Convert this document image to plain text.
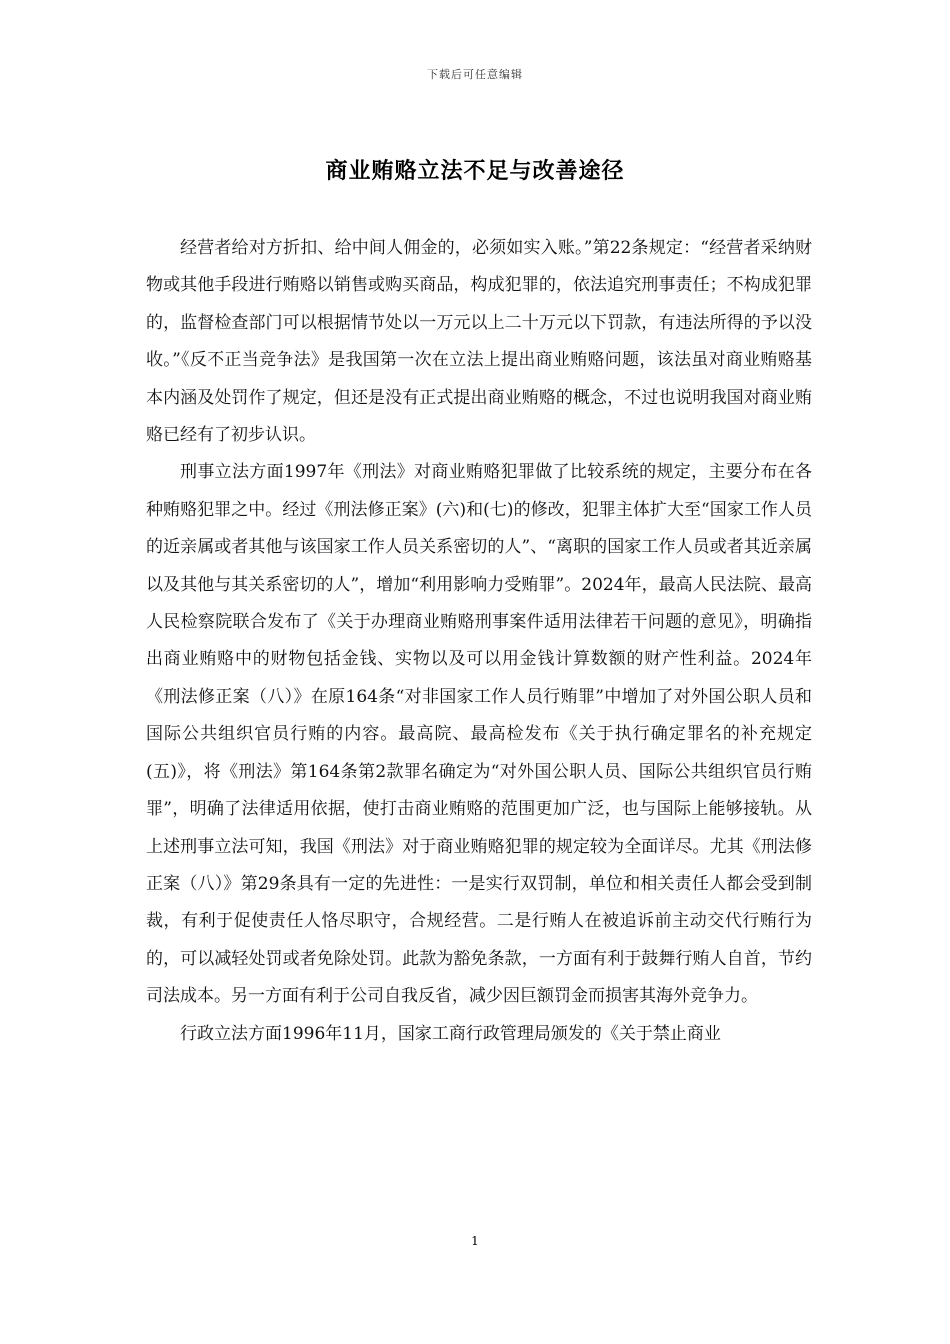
下载后可任意编辑
商业贿赂立法不足与改善途径

经营者给对方折扣、给中间人佣金的，必须如实入账。”第22条规定：“经营者采纳财物或其他手段进行贿赂以销售或购买商品，构成犯罪的，依法追究刑事责任；不构成犯罪的，监督检查部门可以根据情节处以一万元以上二十万元以下罚款，有违法所得的予以没收。”《反不正当竞争法》是我国第一次在立法上提出商业贿赂问题，该法虽对商业贿赂基本内涵及处罚作了规定，但还是没有正式提出商业贿赂的概念，不过也说明我国对商业贿赂已经有了初步认识。

刑事立法方面1997年《刑法》对商业贿赂犯罪做了比较系统的规定，主要分布在各种贿赂犯罪之中。经过《刑法修正案》(六)和(七)的修改，犯罪主体扩大至“国家工作人员的近亲属或者其他与该国家工作人员关系密切的人”、“离职的国家工作人员或者其近亲属以及其他与其关系密切的人”，增加“利用影响力受贿罪”。2024年，最高人民法院、最高人民检察院联合发布了《关于办理商业贿赂刑事案件适用法律若干问题的意见》，明确指出商业贿赂中的财物包括金钱、实物以及可以用金钱计算数额的财产性利益。2024年《刑法修正案（八）》在原164条“对非国家工作人员行贿罪”中增加了对外国公职人员和国际公共组织官员行贿的内容。最高院、最高检发布《关于执行确定罪名的补充规定(五)》，将《刑法》第164条第2款罪名确定为“对外国公职人员、国际公共组织官员行贿罪”，明确了法律适用依据，使打击商业贿赂的范围更加广泛，也与国际上能够接轨。从上述刑事立法可知，我国《刑法》对于商业贿赂犯罪的规定较为全面详尽。尤其《刑法修正案（八）》第29条具有一定的先进性：一是实行双罚制，单位和相关责任人都会受到制裁，有利于促使责任人恪尽职守，合规经营。二是行贿人在被追诉前主动交代行贿行为的，可以减轻处罚或者免除处罚。此款为豁免条款，一方面有利于鼓舞行贿人自首，节约司法成本。另一方面有利于公司自我反省，减少因巨额罚金而损害其海外竞争力。

行政立法方面1996年11月，国家工商行政管理局颁发的《关于禁止商业

1
